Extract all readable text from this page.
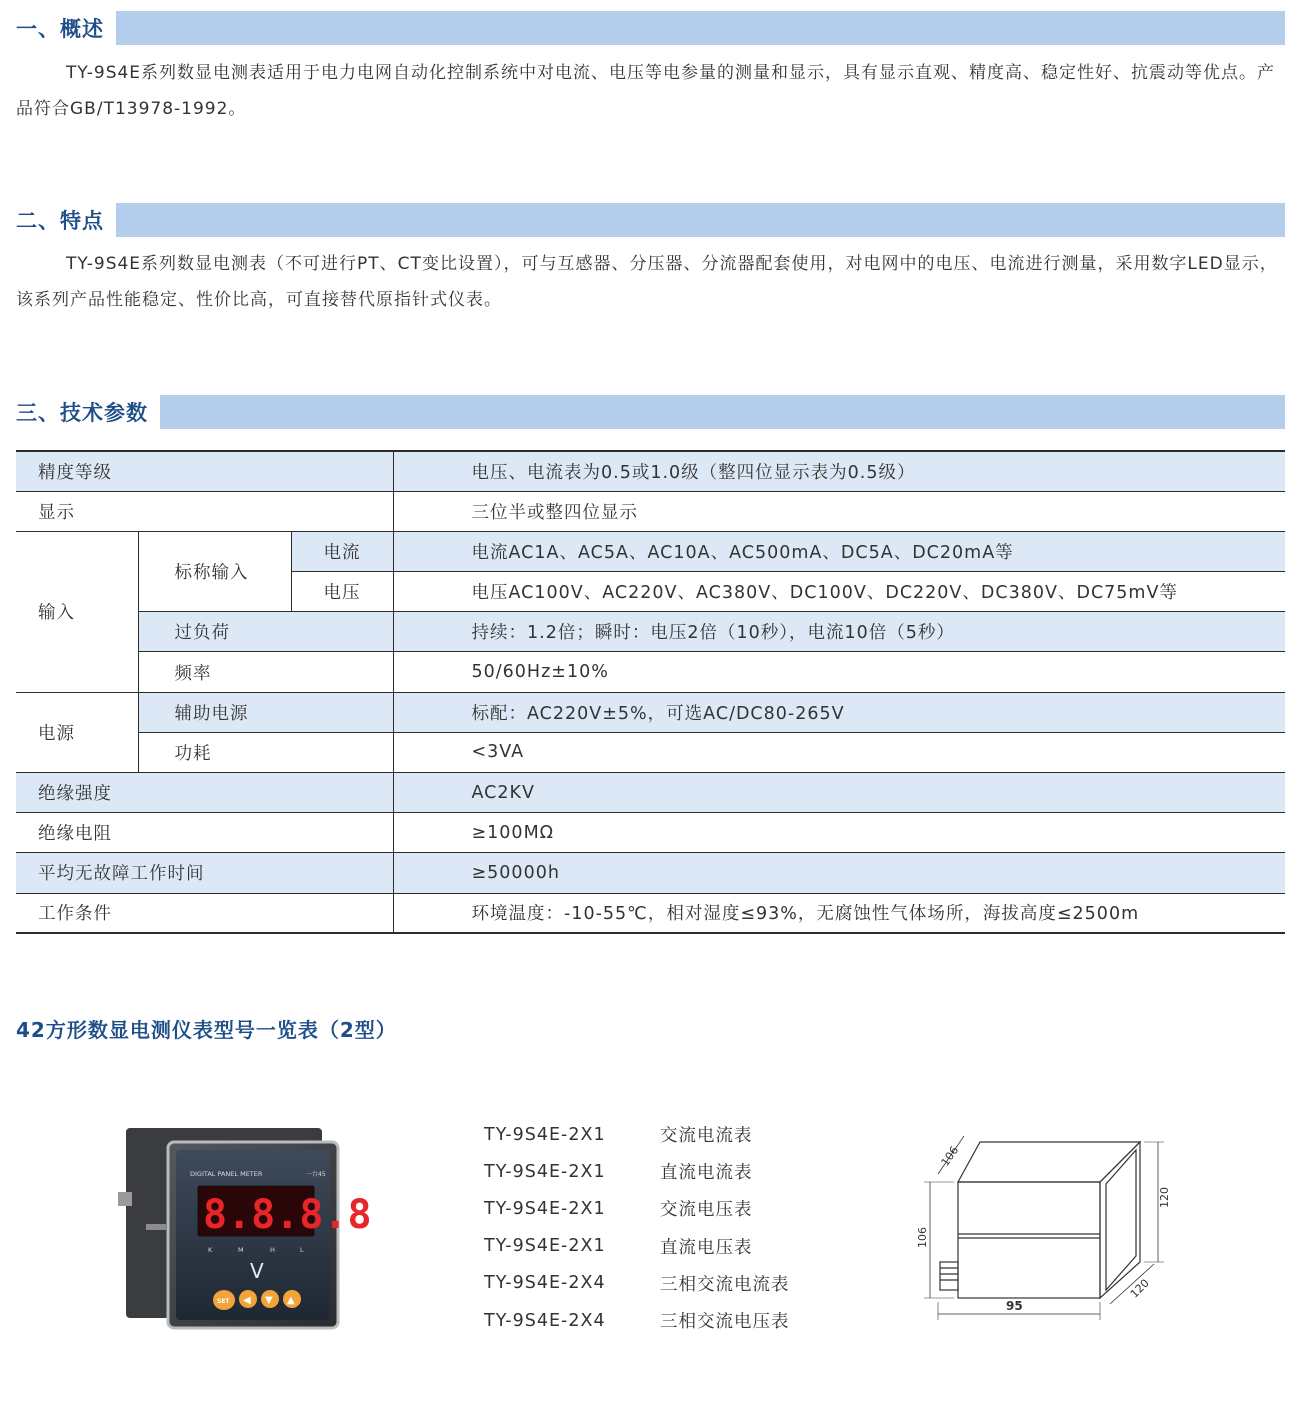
一、概述

TY-9S4E系列数显电测表适用于电力电网自动化控制系统中对电流、电压等电参量的测量和显示，具有显示直观、精度高、稳定性好、抗震动等优点。产品符合GB/T13978-1992。

二、特点

TY-9S4E系列数显电测表（不可进行PT、CT变比设置），可与互感器、分压器、分流器配套使用，对电网中的电压、电流进行测量，采用数字LED显示，该系列产品性能稳定、性价比高，可直接替代原指针式仪表。

三、技术参数
精度等级			电压、电流表为0.5或1.0级（整四位显示表为0.5级）
显示			三位半或整四位显示
输入	标称输入	电流	电流AC1A、AC5A、AC10A、AC500mA、DC5A、DC20mA等
		电压	电压AC100V、AC220V、AC380V、DC100V、DC220V、DC380V、DC75mV等
	过负荷		持续：1.2倍；瞬时：电压2倍（10秒），电流10倍（5秒）
	频率		50/60Hz±10%
电源	辅助电源		标配：AC220V±5%，可选AC/DC80-265V
	功耗		<3VA
绝缘强度			AC2KV
绝缘电阻			≥100MΩ
平均无故障工作时间			≥50000h
工作条件			环境温度：-10-55℃，相对湿度≤93%，无腐蚀性气体场所，海拔高度≤2500m
42方形数显电测仪表型号一览表（2型）
DIGITAL PANEL METER	一台45
8.8.8.8
K	M	H	L
V
SET ◀ ▼ ▲
TY-9S4E-2X1	交流电流表
TY-9S4E-2X1	直流电流表
TY-9S4E-2X1	交流电压表
TY-9S4E-2X1	直流电压表
TY-9S4E-2X4	三相交流电流表
TY-9S4E-2X4	三相交流电压表
106
120
106
120
95
